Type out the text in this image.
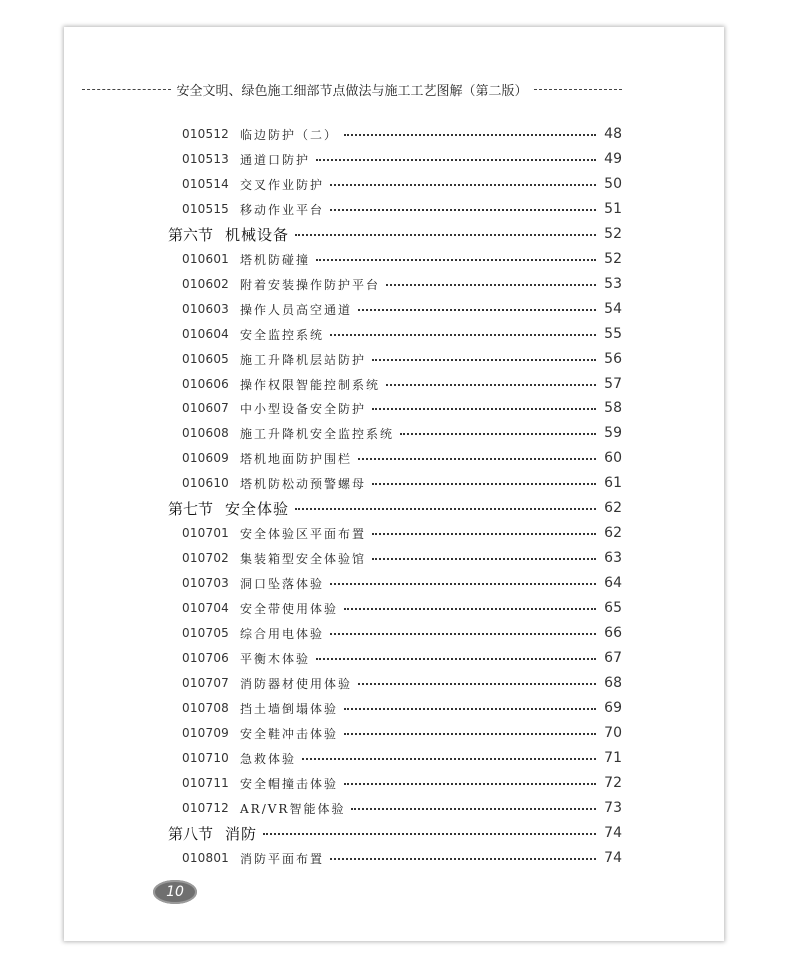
安全文明、绿色施工细部节点做法与施工工艺图解（第二版）
010512 临边防护（二）	48
010513 通道口防护	49
010514 交叉作业防护	50
010515 移动作业平台	51
第六节 机械设备	52
010601 塔机防碰撞	52
010602 附着安装操作防护平台	53
010603 操作人员高空通道	54
010604 安全监控系统	55
010605 施工升降机层站防护	56
010606 操作权限智能控制系统	57
010607 中小型设备安全防护	58
010608 施工升降机安全监控系统	59
010609 塔机地面防护围栏	60
010610 塔机防松动预警螺母	61
第七节 安全体验	62
010701 安全体验区平面布置	62
010702 集装箱型安全体验馆	63
010703 洞口坠落体验	64
010704 安全带使用体验	65
010705 综合用电体验	66
010706 平衡木体验	67
010707 消防器材使用体验	68
010708 挡土墙倒塌体验	69
010709 安全鞋冲击体验	70
010710 急救体验	71
010711 安全帽撞击体验	72
010712 AR/VR智能体验	73
第八节 消防	74
010801 消防平面布置	74
10
